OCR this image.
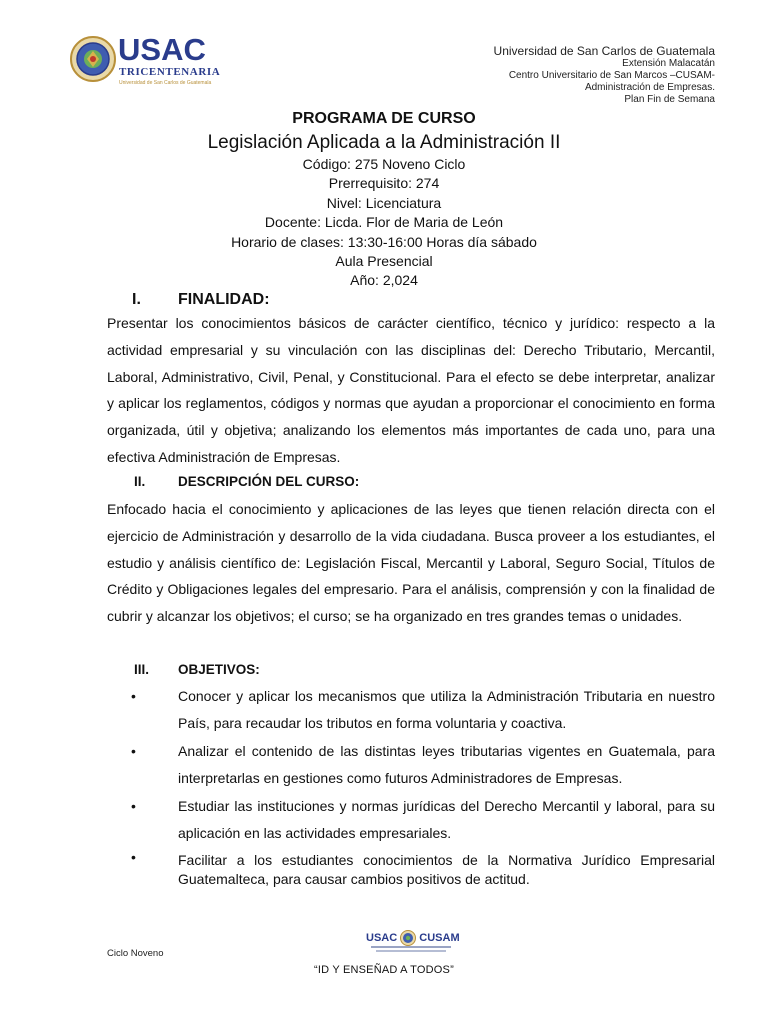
USAC
TRICENTENARIA
Universidad de San Carlos de Guatemala
Universidad de San Carlos de Guatemala
Extensión Malacatán
Centro Universitario de San Marcos –CUSAM-
Administración de Empresas.
Plan Fin de Semana
PROGRAMA DE CURSO
Legislación Aplicada a la Administración II
Código: 275 Noveno Ciclo
Prerrequisito: 274
Nivel: Licenciatura
Docente: Licda. Flor de Maria de León
Horario de clases: 13:30-16:00 Horas día sábado
Aula Presencial
Año: 2,024
I. FINALIDAD:
Presentar los conocimientos básicos de carácter científico, técnico y jurídico: respecto a la actividad empresarial y su vinculación con las disciplinas del: Derecho Tributario, Mercantil, Laboral, Administrativo, Civil, Penal, y Constitucional. Para el efecto se debe interpretar, analizar y aplicar los reglamentos, códigos y normas que ayudan a proporcionar el conocimiento en forma organizada, útil y objetiva; analizando los elementos más importantes de cada uno, para una efectiva Administración de Empresas.
II. DESCRIPCIÓN DEL CURSO:
Enfocado hacia el conocimiento y aplicaciones de las leyes que tienen relación directa con el ejercicio de Administración y desarrollo de la vida ciudadana. Busca proveer a los estudiantes, el estudio y análisis científico de: Legislación Fiscal, Mercantil y Laboral, Seguro Social, Títulos de Crédito y Obligaciones legales del empresario. Para el análisis, comprensión y con la finalidad de cubrir y alcanzar los objetivos; el curso; se ha organizado en tres grandes temas o unidades.
III. OBJETIVOS:
•	Conocer y aplicar los mecanismos que utiliza la Administración Tributaria en nuestro País, para recaudar los tributos en forma voluntaria y coactiva.
•	Analizar el contenido de las distintas leyes tributarias vigentes en Guatemala, para interpretarlas en gestiones como futuros Administradores de Empresas.
•	Estudiar las instituciones y normas jurídicas del Derecho Mercantil y laboral, para su aplicación en las actividades empresariales.
•	Facilitar a los estudiantes conocimientos de la Normativa Jurídico Empresarial Guatemalteca, para causar cambios positivos de actitud.
Ciclo Noveno
USAC CUSAM
“ID Y ENSEÑAD A TODOS”
